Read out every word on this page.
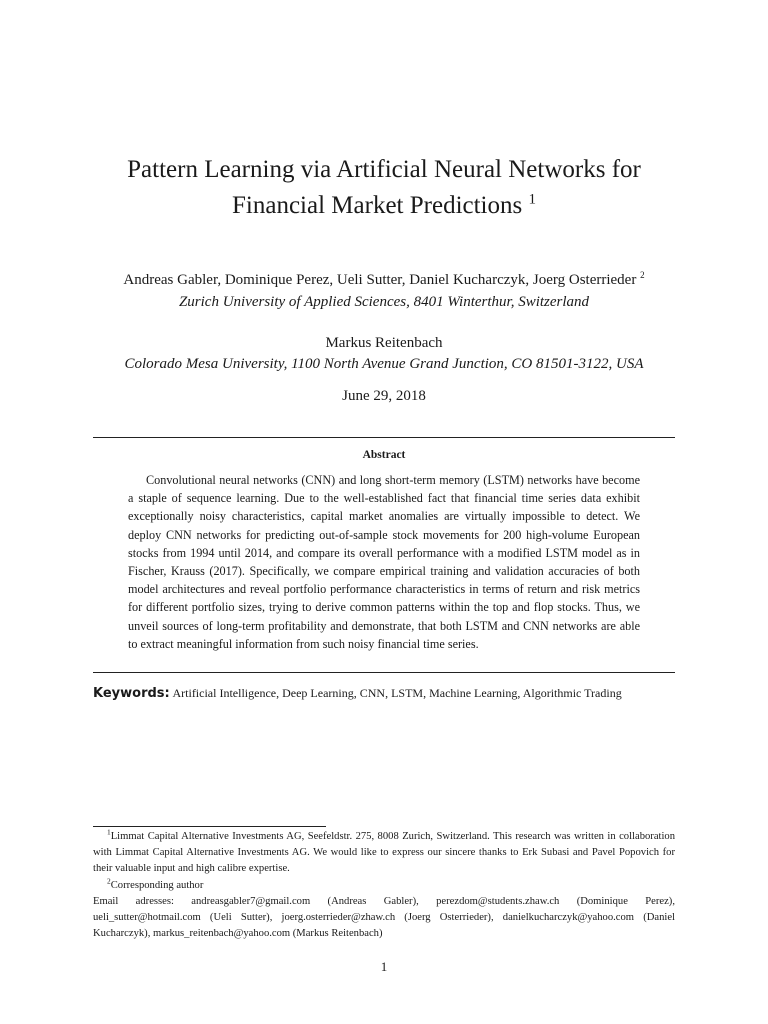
Pattern Learning via Artificial Neural Networks for
Financial Market Predictions $^1$
Andreas Gabler, Dominique Perez, Ueli Sutter, Daniel Kucharczyk, Joerg Osterrieder $^2$
Zurich University of Applied Sciences, 8401 Winterthur, Switzerland
Markus Reitenbach
Colorado Mesa University, 1100 North Avenue Grand Junction, CO 81501-3122, USA
June 29, 2018
Abstract

Convolutional neural networks (CNN) and long short-term memory (LSTM) networks have become a staple of sequence learning. Due to the well-established fact that financial time series data exhibit exceptionally noisy characteristics, capital market anomalies are virtually impossible to detect. We deploy CNN networks for predicting out-of-sample stock movements for 200 high-volume European stocks from 1994 until 2014, and compare its overall performance with a modified LSTM model as in Fischer, Krauss (2017). Specifically, we compare empirical training and validation accuracies of both model architectures and reveal portfolio performance characteristics in terms of return and risk metrics for different portfolio sizes, trying to derive common patterns within the top and flop stocks. Thus, we unveil sources of long-term profitability and demonstrate, that both LSTM and CNN networks are able to extract meaningful information from such noisy financial time series.

Keywords: Artificial Intelligence, Deep Learning, CNN, LSTM, Machine Learning, Algorithmic Trading

$^1$Limmat Capital Alternative Investments AG, Seefeldstr. 275, 8008 Zurich, Switzerland. This research was written in collaboration with Limmat Capital Alternative Investments AG. We would like to express our sincere thanks to Erk Subasi and Pavel Popovich for their valuable input and high calibre expertise.

$^2$Corresponding author

Email adresses: andreasgabler7@gmail.com (Andreas Gabler), perezdom@students.zhaw.ch (Dominique Perez), ueli_sutter@hotmail.com (Ueli Sutter), joerg.osterrieder@zhaw.ch (Joerg Osterrieder), danielkucharczyk@yahoo.com (Daniel Kucharczyk), markus_reitenbach@yahoo.com (Markus Reitenbach)

1
